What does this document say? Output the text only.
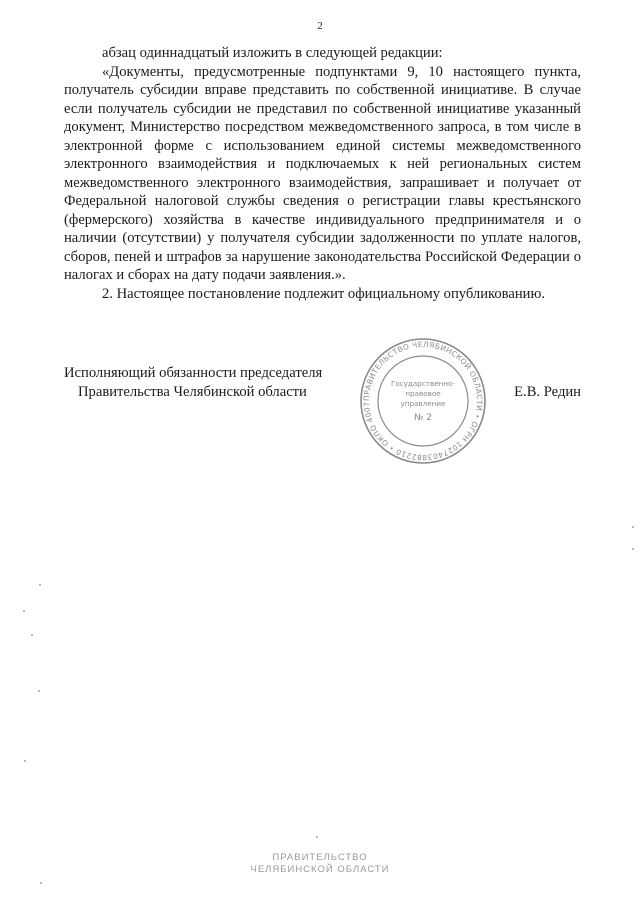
2

абзац одиннадцатый изложить в следующей редакции:

«Документы, предусмотренные подпунктами 9, 10 настоящего пункта, получатель субсидии вправе представить по собственной инициативе. В случае если получатель субсидии не представил по собственной инициативе указанный документ, Министерство посредством межведомственного запроса, в том числе в электронной форме с использованием единой системы межведомственного электронного взаимодействия и подключаемых к ней региональных систем межведомственного электронного взаимодействия, запрашивает и получает от Федеральной налоговой службы сведения о регистрации главы крестьянского (фермерского) хозяйства в качестве индивидуального предпринимателя и о наличии (отсутствии) у получателя субсидии задолженности по уплате налогов, сборов, пеней и штрафов за нарушение законодательства Российской Федерации о налогах и сборах на дату подачи заявления.».

2. Настоящее постановление подлежит официальному опубликованию.

Исполняющий обязанности председателя
Правительства Челябинской области	Е.В. Редин
ПРАВИТЕЛЬСТВО ЧЕЛЯБИНСКОЙ ОБЛАСТИ • ОГРН 1027403882210 • ОКПО 4007
Государственно-
правовое
управление
№ 2
ПРАВИТЕЛЬСТВО
ЧЕЛЯБИНСКОЙ ОБЛАСТИ
